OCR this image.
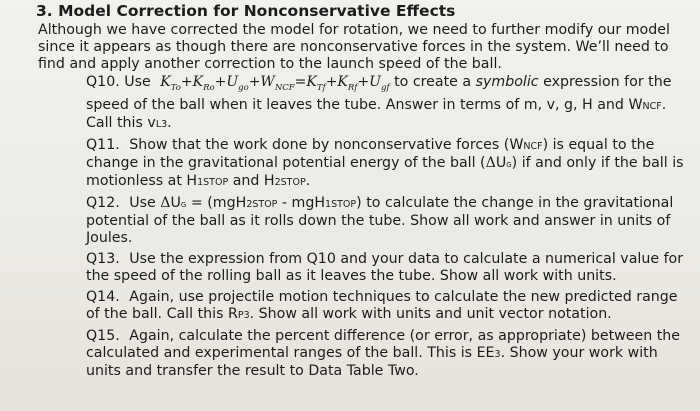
3. Model Correction for Nonconservative Effects
Although we have corrected the model for rotation, we need to further modify our model since it appears as though there are nonconservative forces in the system. We’ll need to find and apply another correction to the launch speed of the ball.
Q10. Use $K_{To}+K_{Ro}+U_{go}+W_{NCF}=K_{Tf}+K_{Rf}+U_{gf}$ to create a symbolic expression for the speed of the ball when it leaves the tube. Answer in terms of m, v, g, H and WNCF. Call this vL3.
Q11. Show that the work done by nonconservative forces (WNCF) is equal to the change in the gravitational potential energy of the ball (ΔUg) if and only if the ball is motionless at H1STOP and H2STOP.
Q12. Use ΔUg = (mgH2STOP - mgH1STOP) to calculate the change in the gravitational potential of the ball as it rolls down the tube. Show all work and answer in units of Joules.
Q13. Use the expression from Q10 and your data to calculate a numerical value for the speed of the rolling ball as it leaves the tube. Show all work with units.
Q14. Again, use projectile motion techniques to calculate the new predicted range of the ball. Call this RP3. Show all work with units and unit vector notation.
Q15. Again, calculate the percent difference (or error, as appropriate) between the calculated and experimental ranges of the ball. This is EE3. Show your work with units and transfer the result to Data Table Two.
